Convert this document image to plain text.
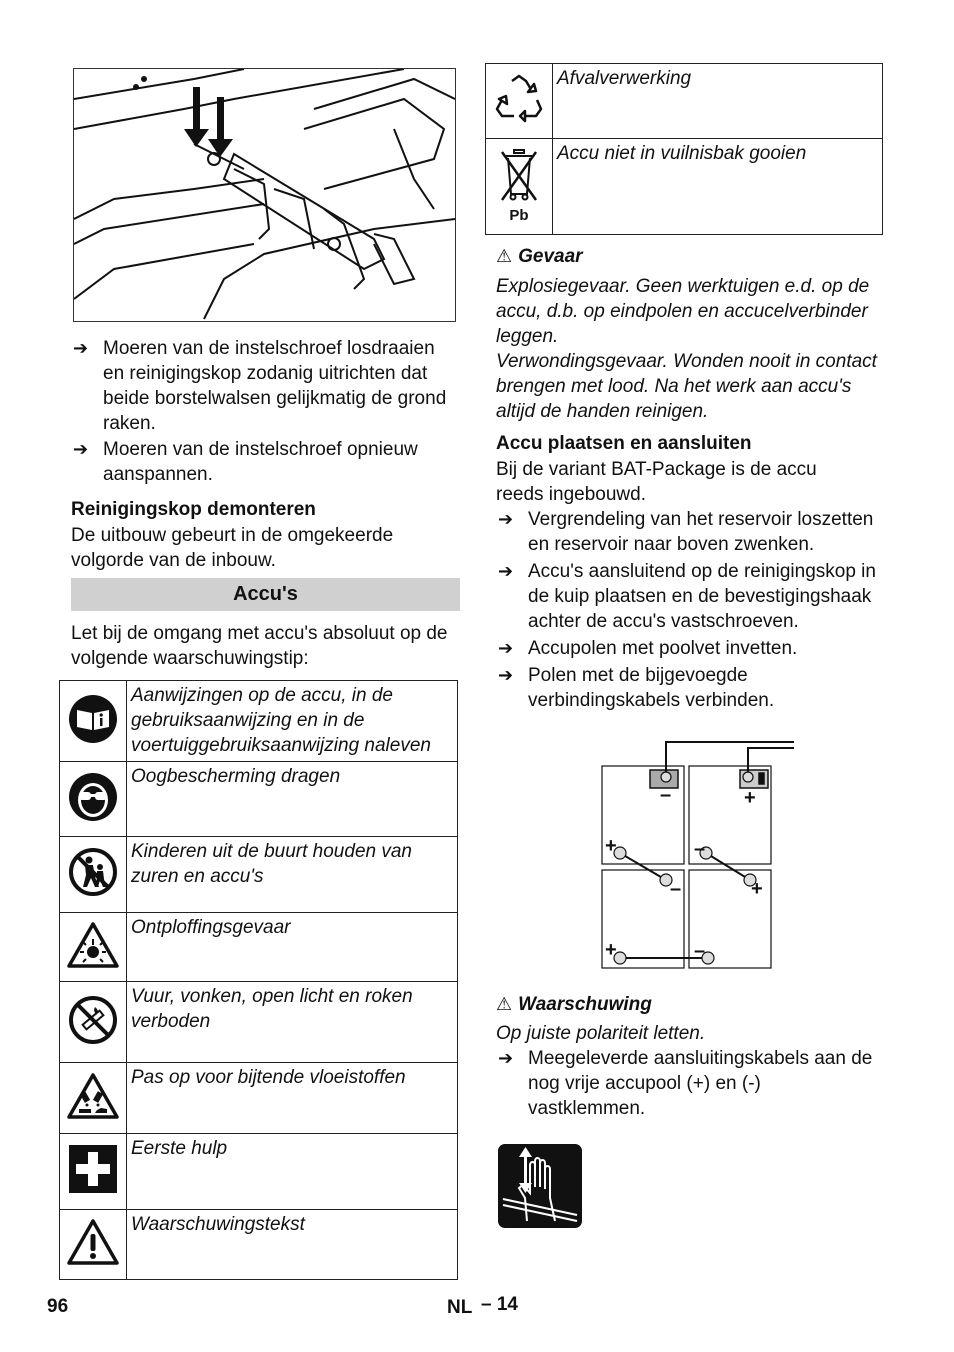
➔ Moeren van de instelschroef losdraaien en reinigingskop zodanig uitrichten dat beide borstelwalsen gelijkmatig de grond raken.
➔ Moeren van de instelschroef opnieuw aanspannen.
Reinigingskop demonteren
De uitbouw gebeurt in de omgekeerde volgorde van de inbouw.
Accu's
Let bij de omgang met accu's absoluut op de volgende waarschuwingstip:
	Aanwijzingen op de accu, in de gebruiksaanwijzing en in de voertuiggebruiksaanwijzing naleven
	Oogbescherming dragen
	Kinderen uit de buurt houden van zuren en accu's
	Ontploffingsgevaar
	Vuur, vonken, open licht en roken verboden
	Pas op voor bijtende vloeistoffen
	Eerste hulp
	Waarschuwingstekst
	Afvalverwerking

Pb	Accu niet in vuilnisbak gooien
⚠ Gevaar
Explosiegevaar. Geen werktuigen e.d. op de accu, d.b. op eindpolen en accucelverbinder leggen.
Verwondingsgevaar. Wonden nooit in contact brengen met lood. Na het werk aan accu's altijd de handen reinigen.
Accu plaatsen en aansluiten
Bij de variant BAT-Package is de accu reeds ingebouwd.
➔ Vergrendeling van het reservoir loszetten en reservoir naar boven zwenken.
➔ Accu's aansluitend op de reinigingskop in de kuip plaatsen en de bevestigingshaak achter de accu's vastschroeven.
➔ Accupolen met poolvet invetten.
➔ Polen met de bijgevoegde verbindingskabels verbinden.
–	+
+	–
–	+
+	–
⚠ Waarschuwing
Op juiste polariteit letten.
➔ Meegeleverde aansluitingskabels aan de nog vrije accupool (+) en (-) vastklemmen.
96	NL – 14
